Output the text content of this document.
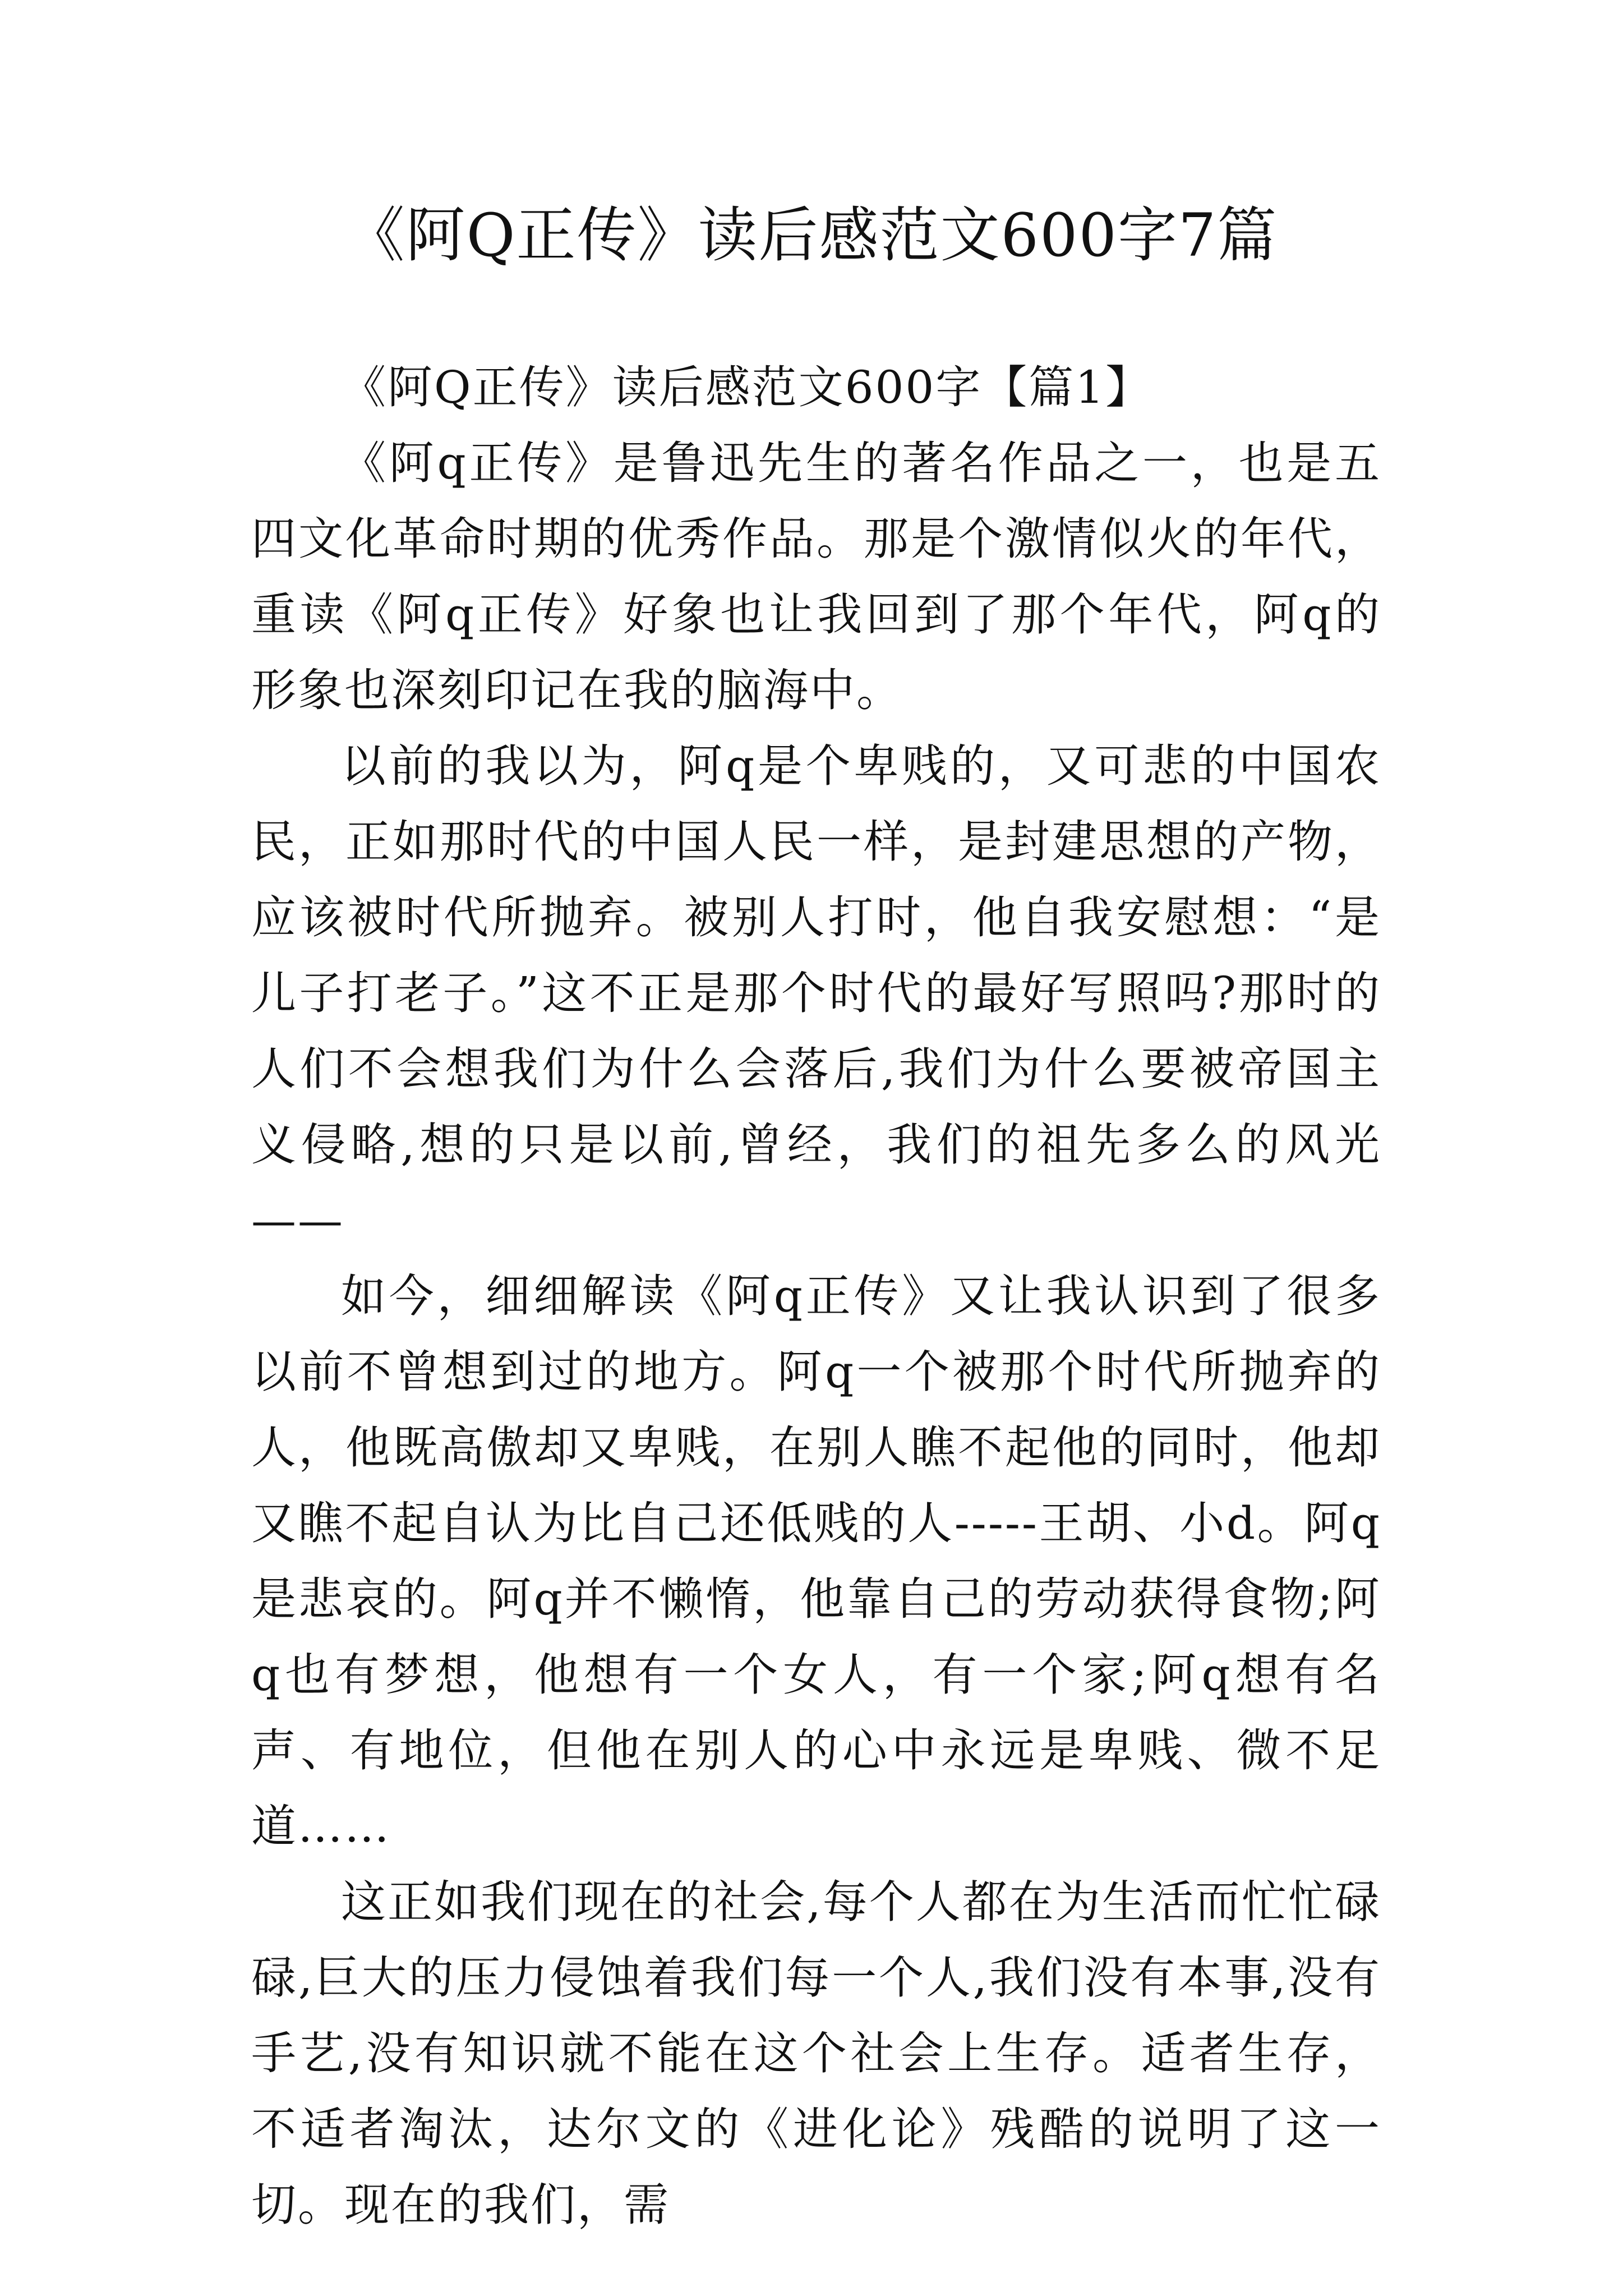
《阿Q正传》读后感范文600字7篇

《阿Q正传》读后感范文600字【篇1】

《阿q正传》是鲁迅先生的著名作品之一，也是五四文化革命时期的优秀作品。那是个激情似火的年代，重读《阿q正传》好象也让我回到了那个年代，阿q的形象也深刻印记在我的脑海中。

以前的我以为，阿q是个卑贱的，又可悲的中国农民，正如那时代的中国人民一样，是封建思想的产物，应该被时代所抛弃。被别人打时，他自我安慰想：“是儿子打老子。”这不正是那个时代的最好写照吗?那时的人们不会想我们为什么会落后,我们为什么要被帝国主义侵略,想的只是以前,曾经，我们的祖先多么的风光——

如今，细细解读《阿q正传》又让我认识到了很多以前不曾想到过的地方。阿q一个被那个时代所抛弃的人，他既高傲却又卑贱，在别人瞧不起他的同时，他却又瞧不起自认为比自己还低贱的人-----王胡、小d。阿q是悲哀的。阿q并不懒惰，他靠自己的劳动获得食物;阿q也有梦想，他想有一个女人，有一个家;阿q想有名声、有地位，但他在别人的心中永远是卑贱、微不足道……

这正如我们现在的社会,每个人都在为生活而忙忙碌碌,巨大的压力侵蚀着我们每一个人,我们没有本事,没有手艺,没有知识就不能在这个社会上生存。适者生存，不适者淘汰，达尔文的《进化论》残酷的说明了这一切。现在的我们，需
